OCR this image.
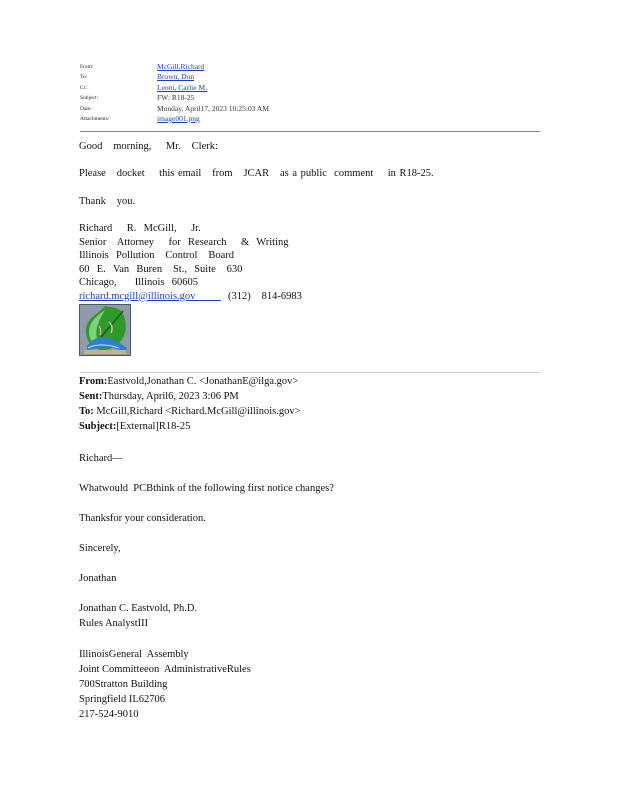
From:	McGill,Richard
To:	Brown, Don
Cc:	Leoni, Carlie M.
Subject:	FW: R18-25
Date:	Monday, April17, 2023 10:25:03 AM
Attachments:	image001.png
Good   morning,    Mr.   Clerk:
Please   docket    this email   from   JCAR   as a public  comment    in R18-25.
Thank   you.
Richard    R.  McGill,    Jr.
Senior   Attorney    for  Research    &  Writing
Illinois  Pollution   Control   Board
60  E.  Van  Buren   St.,  Suite   630
Chicago,     Illinois  60605
richard.mcgill@illinois.gov	(312)   814-6983
From:Eastvold,Jonathan C. <JonathanE@ilga.gov>
Sent:Thursday, April6, 2023 3:06 PM
To: McGill,Richard <Richard.McGill@illinois.gov>
Subject:[External]R18-25
Richard—
Whatwould  PCBthink of the following first notice changes?
Thanksfor your consideration.
Sincerely,
Jonathan
Jonathan C. Eastvold, Ph.D.
Rules AnalystIII
IllinoisGeneral  Assembly
Joint Committeeon  AdministrativeRules
700Stratton Building
Springfield IL62706
217-524-9010
